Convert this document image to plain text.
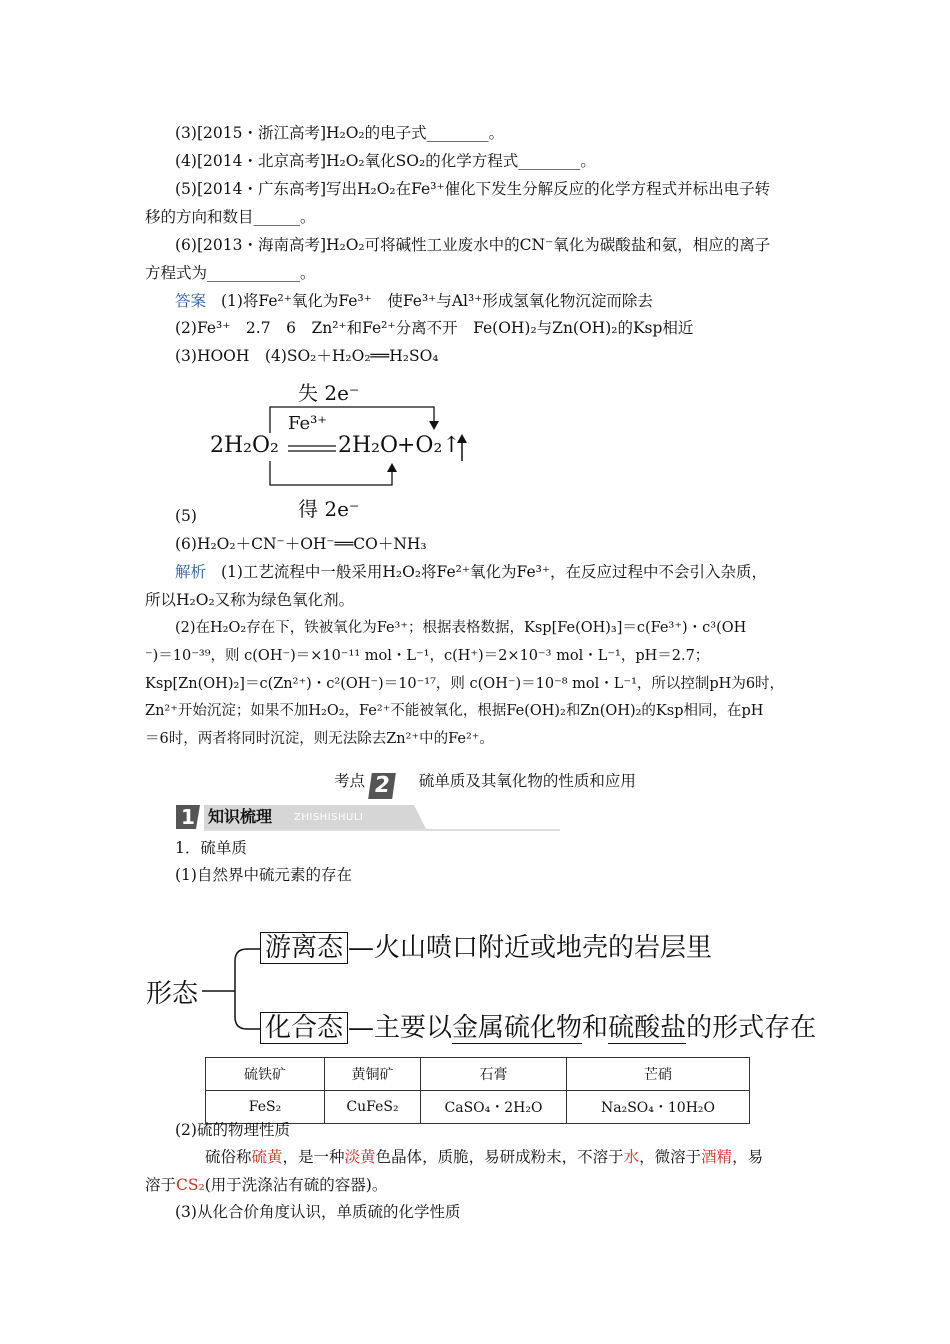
(3)[2015・浙江高考]H₂O₂的电子式________。
(4)[2014・北京高考]H₂O₂氧化SO₂的化学方程式________。
(5)[2014・广东高考]写出H₂O₂在Fe³⁺催化下发生分解反应的化学方程式并标出电子转
移的方向和数目______。
(6)[2013・海南高考]H₂O₂可将碱性工业废水中的CN⁻氧化为碳酸盐和氨，相应的离子
方程式为____________。
答案 (1)将Fe²⁺氧化为Fe³⁺　使Fe³⁺与Al³⁺形成氢氧化物沉淀而除去
(2)Fe³⁺　2.7　6　Zn²⁺和Fe²⁺分离不开　Fe(OH)₂与Zn(OH)₂的Ksp相近
(3)HOOH　(4)SO₂＋H₂O₂══H₂SO₄
失 2e⁻
Fe³⁺
2H₂O₂	2H₂O
+O₂↑
得 2e⁻
(5)
(6)H₂O₂＋CN⁻＋OH⁻══CO＋NH₃
解析 (1)工艺流程中一般采用H₂O₂将Fe²⁺氧化为Fe³⁺，在反应过程中不会引入杂质，
所以H₂O₂又称为绿色氧化剂。
(2)在H₂O₂存在下，铁被氧化为Fe³⁺；根据表格数据，Ksp[Fe(OH)₃]＝c(Fe³⁺)・c³(OH
⁻)＝10⁻³⁹，则 c(OH⁻)＝×10⁻¹¹ mol・L⁻¹，c(H⁺)＝2×10⁻³ mol・L⁻¹，pH＝2.7；
Ksp[Zn(OH)₂]＝c(Zn²⁺)・c²(OH⁻)＝10⁻¹⁷，则 c(OH⁻)＝10⁻⁸ mol・L⁻¹，所以控制pH为6时，
Zn²⁺开始沉淀；如果不加H₂O₂，Fe²⁺不能被氧化，根据Fe(OH)₂和Zn(OH)₂的Ksp相同，在pH
＝6时，两者将同时沉淀，则无法除去Zn²⁺中的Fe²⁺。
考点 2 硫单质及其氧化物的性质和应用
1 知识梳理 ZHISHISHULI
1．硫单质
(1)自然界中硫元素的存在
形态
游离态 —火山喷口附近或地壳的岩层里
化合态 —主要以金属硫化物和硫酸盐的形式存在
硫铁矿	黄铜矿	石膏	芒硝
FeS₂	CuFeS₂	CaSO₄・2H₂O	Na₂SO₄・10H₂O
(2)硫的物理性质
硫俗称硫黄，是一种淡黄色晶体，质脆，易研成粉末，不溶于水，微溶于酒精，易
溶于CS₂(用于洗涤沾有硫的容器)。
(3)从化合价角度认识，单质硫的化学性质
